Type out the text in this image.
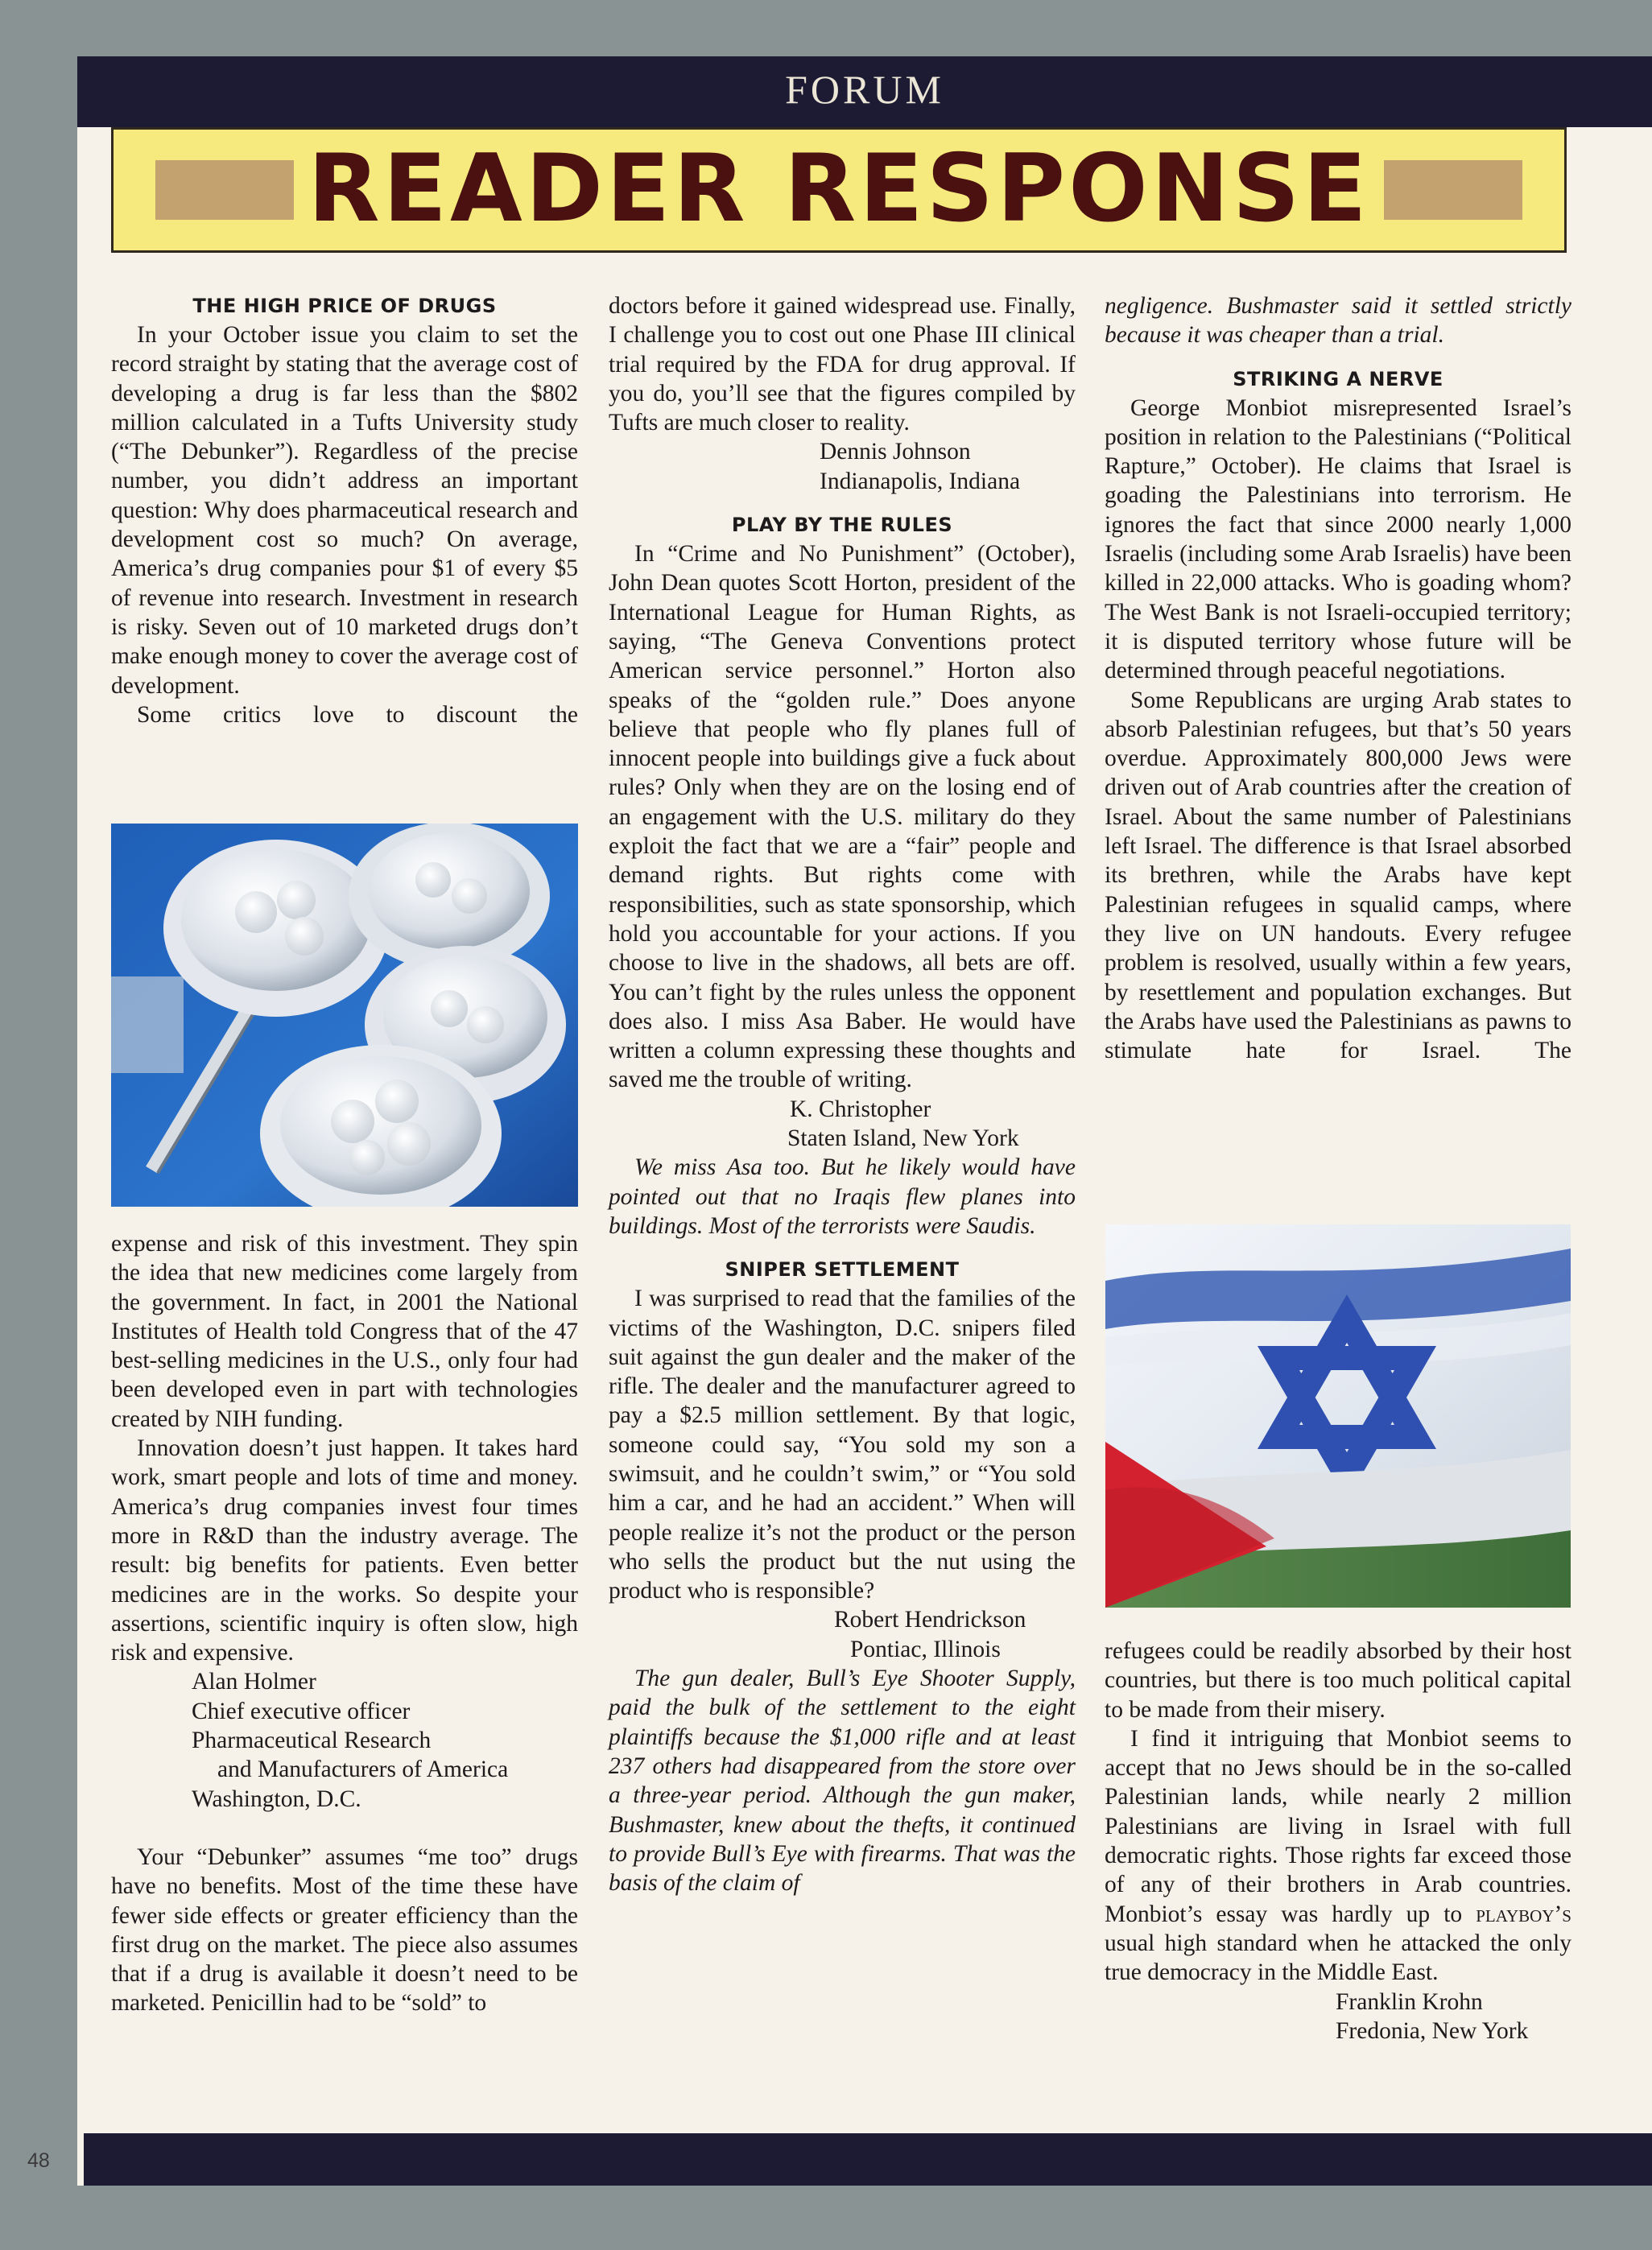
FORUM
READER RESPONSE
THE HIGH PRICE OF DRUGS

In your October issue you claim to set the record straight by stating that the average cost of developing a drug is far less than the $802 million calculated in a Tufts University study (“The Debunker”). Regardless of the precise number, you didn’t address an important question: Why does pharmaceutical research and development cost so much? On average, America’s drug companies pour $1 of every $5 of revenue into research. Investment in research is risky. Seven out of 10 marketed drugs don’t make enough money to cover the average cost of development.

Some critics love to discount the

expense and risk of this investment. They spin the idea that new medicines come largely from the government. In fact, in 2001 the National Institutes of Health told Congress that of the 47 best-selling medicines in the U.S., only four had been developed even in part with technologies created by NIH funding.

Innovation doesn’t just happen. It takes hard work, smart people and lots of time and money. America’s drug companies invest four times more in R&D than the industry average. The result: big benefits for patients. Even better medicines are in the works. So despite your assertions, scientific inquiry is often slow, high risk and expensive.

Alan Holmer
Chief executive officer
Pharmaceutical Research
and Manufacturers of America
Washington, D.C.

Your “Debunker” assumes “me too” drugs have no benefits. Most of the time these have fewer side effects or greater efficiency than the first drug on the market. The piece also assumes that if a drug is available it doesn’t need to be marketed. Penicillin had to be “sold” to

doctors before it gained widespread use. Finally, I challenge you to cost out one Phase III clinical trial required by the FDA for drug approval. If you do, you’ll see that the figures compiled by Tufts are much closer to reality.

Dennis Johnson
Indianapolis, Indiana
PLAY BY THE RULES

In “Crime and No Punishment” (October), John Dean quotes Scott Horton, president of the International League for Human Rights, as saying, “The Geneva Conventions protect American service personnel.” Horton also speaks of the “golden rule.” Does anyone believe that people who fly planes full of innocent people into buildings give a fuck about rules? Only when they are on the losing end of an engagement with the U.S. military do they exploit the fact that we are a “fair” people and demand rights. But rights come with responsibilities, such as state sponsorship, which hold you accountable for your actions. If you choose to live in the shadows, all bets are off. You can’t fight by the rules unless the opponent does also. I miss Asa Baber. He would have written a column expressing these thoughts and saved me the trouble of writing.

K. Christopher
Staten Island, New York

We miss Asa too. But he likely would have pointed out that no Iraqis flew planes into buildings. Most of the terrorists were Saudis.

SNIPER SETTLEMENT

I was surprised to read that the families of the victims of the Washington, D.C. snipers filed suit against the gun dealer and the maker of the rifle. The dealer and the manufacturer agreed to pay a $2.5 million settlement. By that logic, someone could say, “You sold my son a swimsuit, and he couldn’t swim,” or “You sold him a car, and he had an accident.” When will people realize it’s not the product or the person who sells the product but the nut using the product who is responsible?

Robert Hendrickson
Pontiac, Illinois

The gun dealer, Bull’s Eye Shooter Supply, paid the bulk of the settlement to the eight plaintiffs because the $1,000 rifle and at least 237 others had disappeared from the store over a three-year period. Although the gun maker, Bushmaster, knew about the thefts, it continued to provide Bull’s Eye with firearms. That was the basis of the claim of

negligence. Bushmaster said it settled strictly because it was cheaper than a trial.

STRIKING A NERVE

George Monbiot misrepresented Israel’s position in relation to the Palestinians (“Political Rapture,” October). He claims that Israel is goading the Palestinians into terrorism. He ignores the fact that since 2000 nearly 1,000 Israelis (including some Arab Israelis) have been killed in 22,000 attacks. Who is goading whom? The West Bank is not Israeli-occupied territory; it is disputed territory whose future will be determined through peaceful negotiations.

Some Republicans are urging Arab states to absorb Palestinian refugees, but that’s 50 years overdue. Approximately 800,000 Jews were driven out of Arab countries after the creation of Israel. About the same number of Palestinians left Israel. The difference is that Israel absorbed its brethren, while the Arabs have kept Palestinian refugees in squalid camps, where they live on UN handouts. Every refugee problem is resolved, usually within a few years, by resettlement and population exchanges. But the Arabs have used the Palestinians as pawns to stimulate hate for Israel. The

refugees could be readily absorbed by their host countries, but there is too much political capital to be made from their misery.

I find it intriguing that Monbiot seems to accept that no Jews should be in the so-called Palestinian lands, while nearly 2 million Palestinians are living in Israel with full democratic rights. Those rights far exceed those of any of their brothers in Arab countries. Monbiot’s essay was hardly up to playboy’s usual high standard when he attacked the only true democracy in the Middle East.

Franklin Krohn
Fredonia, New York
48
